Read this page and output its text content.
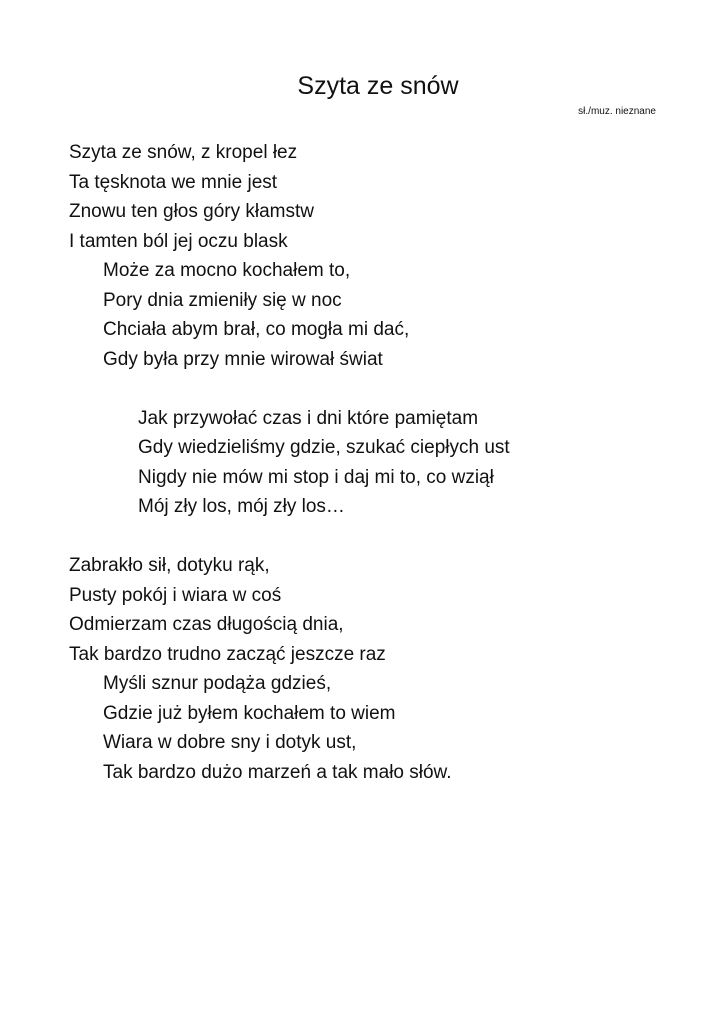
Szyta ze snów
sł./muz. nieznane
Szyta ze snów, z kropel łez
Ta tęsknota we mnie jest
Znowu ten głos góry kłamstw
I tamten ból jej oczu blask
Może za mocno kochałem to,
Pory dnia zmieniły się w noc
Chciała abym brał, co mogła mi dać,
Gdy była przy mnie wirował świat
Jak przywołać czas i dni które pamiętam
Gdy wiedzieliśmy gdzie, szukać ciepłych ust
Nigdy nie mów mi stop i daj mi to, co wziął
Mój zły los, mój zły los…
Zabrakło sił, dotyku rąk,
Pusty pokój i wiara w coś
Odmierzam czas długością dnia,
Tak bardzo trudno zacząć jeszcze raz
Myśli sznur podąża gdzieś,
Gdzie już byłem kochałem to wiem
Wiara w dobre sny i dotyk ust,
Tak bardzo dużo marzeń a tak mało słów.
